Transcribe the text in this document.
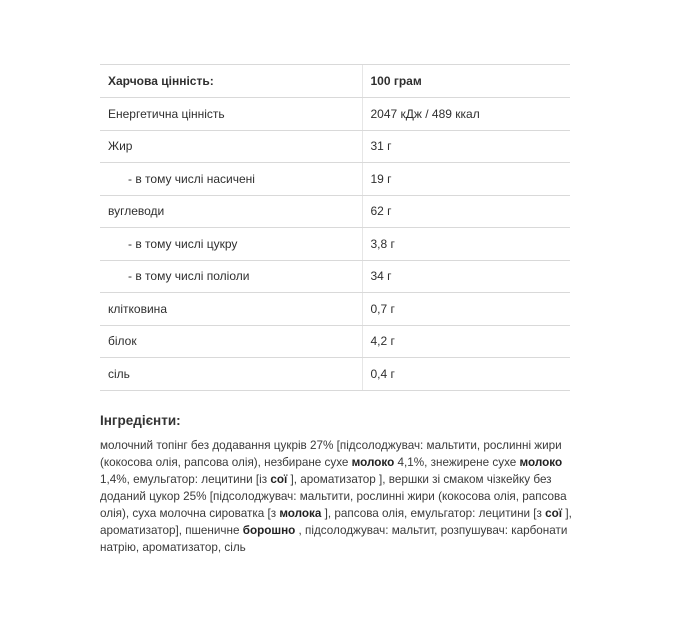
Харчова цінність:	100 грам
Енергетична цінність	2047 кДж / 489 ккал
Жир	31 г
- в тому числі насичені	19 г
вуглеводи	62 г
- в тому числі цукру	3,8 г
- в тому числі поліоли	34 г
клітковина	0,7 г
білок	4,2 г
сіль	0,4 г
Інгредієнти:
молочний топінг без додавання цукрів 27% [підсолоджувач: мальтити, рослинні жири (кокосова олія, рапсова олія), незбиране сухе молоко 4,1%, знежирене сухе молоко 1,4%, емульгатор: лецитини [із сої ], ароматизатор ], вершки зі смаком чізкейку без доданий цукор 25% [підсолоджувач: мальтити, рослинні жири (кокосова олія, рапсова олія), суха молочна сироватка [з молока ], рапсова олія, емульгатор: лецитини [з сої ], ароматизатор], пшеничне борошно , підсолоджувач: мальтит, розпушувач: карбонати натрію, ароматизатор, сіль
